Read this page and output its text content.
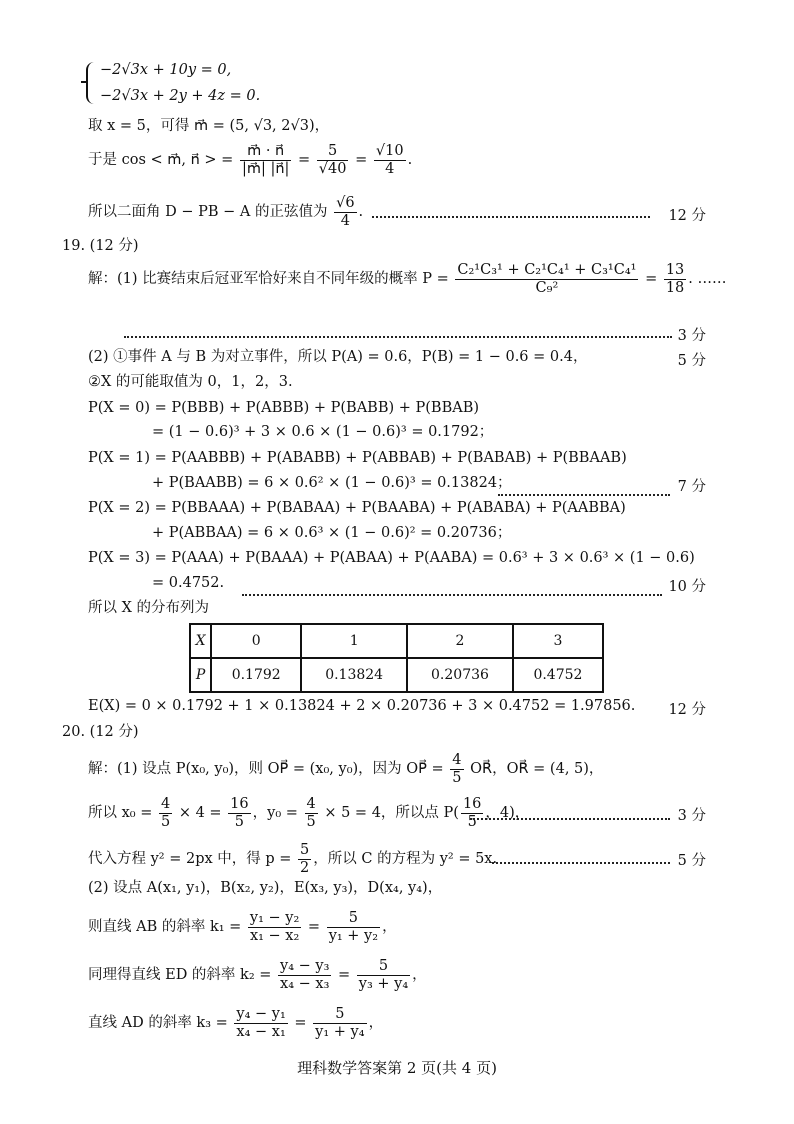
−2√3x + 10y = 0,
−2√3x + 2y + 4z = 0.
取 x = 5，可得 m⃗ = (5, √3, 2√3)，
于是 cos < m⃗, n⃗ > = $\frac{m⃗ \cdot n⃗}{|m⃗| |n⃗|} = \frac{5}{√40} = \frac{√10}{4}$ .
所以二面角 D − PB − A 的正弦值为 $\frac{√6}{4}$ .	12 分
19. (12 分)
解：(1) 比赛结束后冠亚军恰好来自不同年级的概率 $P = \frac{\text{C₂¹C₃¹ + C₂¹C₄¹ + C₃¹C₄¹}}{\text{C₉²}} = \frac{13}{18}$ . ……
3 分
(2) ①事件 A 与 B 为对立事件，所以 P(A) = 0.6，P(B) = 1 − 0.6 = 0.4，	5 分
②X 的可能取值为 0，1，2，3.
P(X = 0) = P(BBB) + P(ABBB) + P(BABB) + P(BBAB)
= (1 − 0.6)³ + 3 × 0.6 × (1 − 0.6)³ = 0.1792；
P(X = 1) = P(AABBB) + P(ABABB) + P(ABBAB) + P(BABAB) + P(BBAAB)
+ P(BAABB) = 6 × 0.6² × (1 − 0.6)³ = 0.13824；	7 分
P(X = 2) = P(BBAAA) + P(BABAA) + P(BAABA) + P(ABABA) + P(AABBA)
+ P(ABBAA) = 6 × 0.6³ × (1 − 0.6)² = 0.20736；
P(X = 3) = P(AAA) + P(BAAA) + P(ABAA) + P(AABA) = 0.6³ + 3 × 0.6³ × (1 − 0.6)
= 0.4752.	10 分
所以 X 的分布列为
X	0	1	2	3
P	0.1792	0.13824	0.20736	0.4752
E(X) = 0 × 0.1792 + 1 × 0.13824 + 2 × 0.20736 + 3 × 0.4752 = 1.97856. 12 分
20. (12 分)
解：(1) 设点 P(x₀, y₀)，则 OP⃗ = (x₀, y₀)，因为 OP⃗ = $\frac{4}{5}$ OR⃗，OR⃗ = (4, 5)，
所以 $x_0 = \frac{4}{5} \times 4 = \frac{16}{5}$ ，$y_0 = \frac{4}{5} \times 5 = 4$，所以点 $P( \frac{16}{5}$ ，4)，	3 分
代入方程 y² = 2px 中，得 $p = \frac{5}{2}$ ，所以 C 的方程为 y² = 5x.	5 分
(2) 设点 A(x₁, y₁)，B(x₂, y₂)，E(x₃, y₃)，D(x₄, y₄)，
则直线 AB 的斜率 $k_1 = \frac{\text{y₁ − y₂}}{\text{x₁ − x₂}} = \frac{5}{\text{y₁ + y₂}}$ ，
同理得直线 ED 的斜率 $k_2 = \frac{\text{y₄ − y₃}}{\text{x₄ − x₃}} = \frac{5}{\text{y₃ + y₄}}$ ，
直线 AD 的斜率 $k_3 = \frac{\text{y₄ − y₁}}{\text{x₄ − x₁}} = \frac{5}{\text{y₁ + y₄}}$ ，
理科数学答案第 2 页(共 4 页)
